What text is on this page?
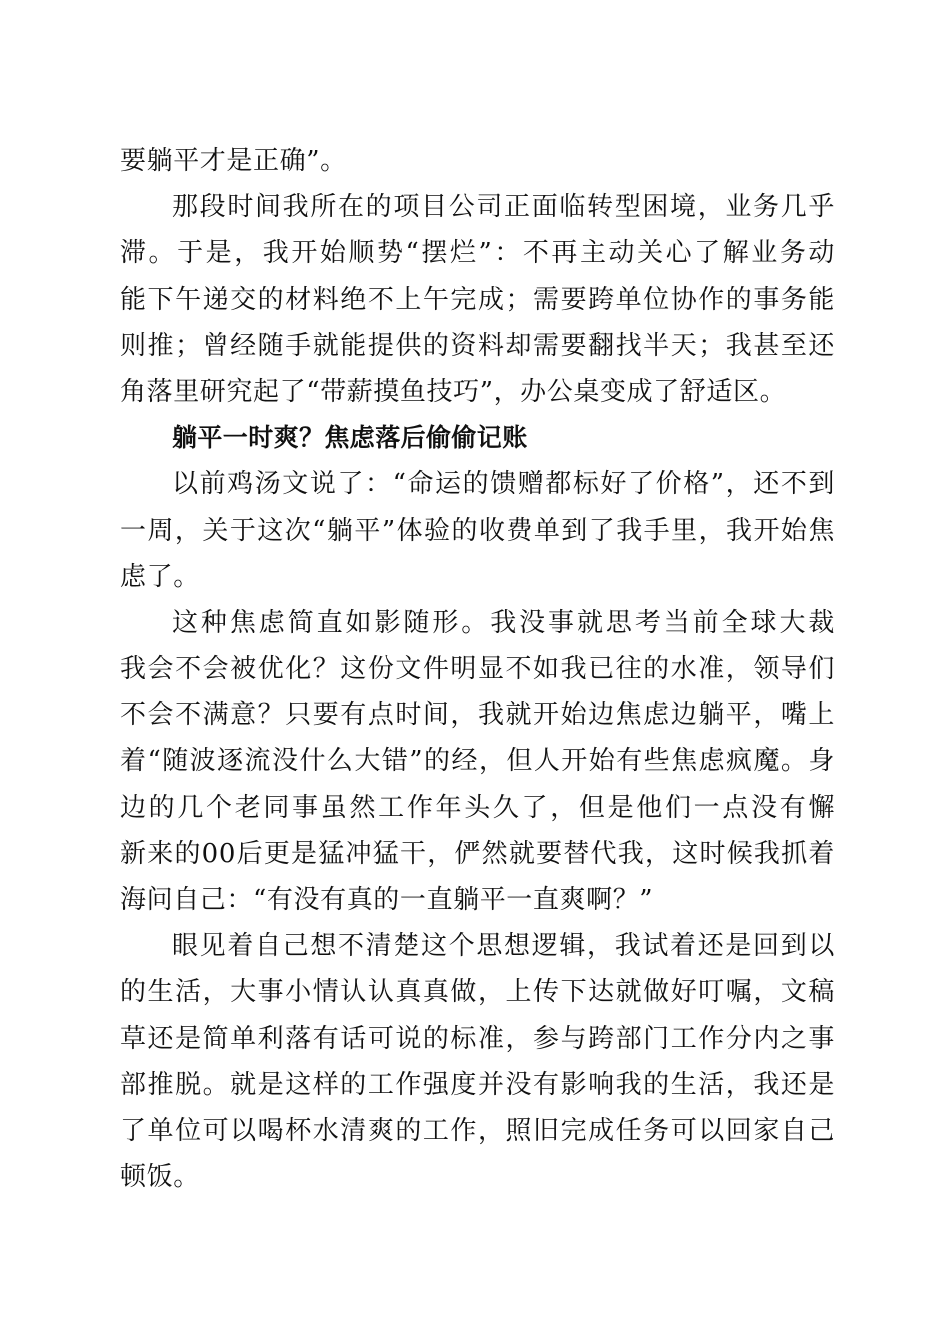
要躺平才是正确”。
那段时间我所在的项目公司正面临转型困境，业务几乎
滞。于是，我开始顺势“摆烂”：不再主动关心了解业务动
能下午递交的材料绝不上午完成；需要跨单位协作的事务能
则推；曾经随手就能提供的资料却需要翻找半天；我甚至还
角落里研究起了“带薪摸鱼技巧”，办公桌变成了舒适区。
躺平一时爽？焦虑落后偷偷记账
以前鸡汤文说了：“命运的馈赠都标好了价格”，还不到
一周，关于这次“躺平”体验的收费单到了我手里，我开始焦
虑了。
这种焦虑简直如影随形。我没事就思考当前全球大裁
我会不会被优化？这份文件明显不如我已往的水准，领导们
不会不满意？只要有点时间，我就开始边焦虑边躺平，嘴上
着“随波逐流没什么大错”的经，但人开始有些焦虑疯魔。身
边的几个老同事虽然工作年头久了，但是他们一点没有懈
新来的00后更是猛冲猛干，俨然就要替代我，这时候我抓着
海问自己：“有没有真的一直躺平一直爽啊？”
眼见着自己想不清楚这个思想逻辑，我试着还是回到以
的生活，大事小情认认真真做，上传下达就做好叮嘱，文稿
草还是简单利落有话可说的标准，参与跨部门工作分内之事
部推脱。就是这样的工作强度并没有影响我的生活，我还是
了单位可以喝杯水清爽的工作，照旧完成任务可以回家自己
顿饭。
